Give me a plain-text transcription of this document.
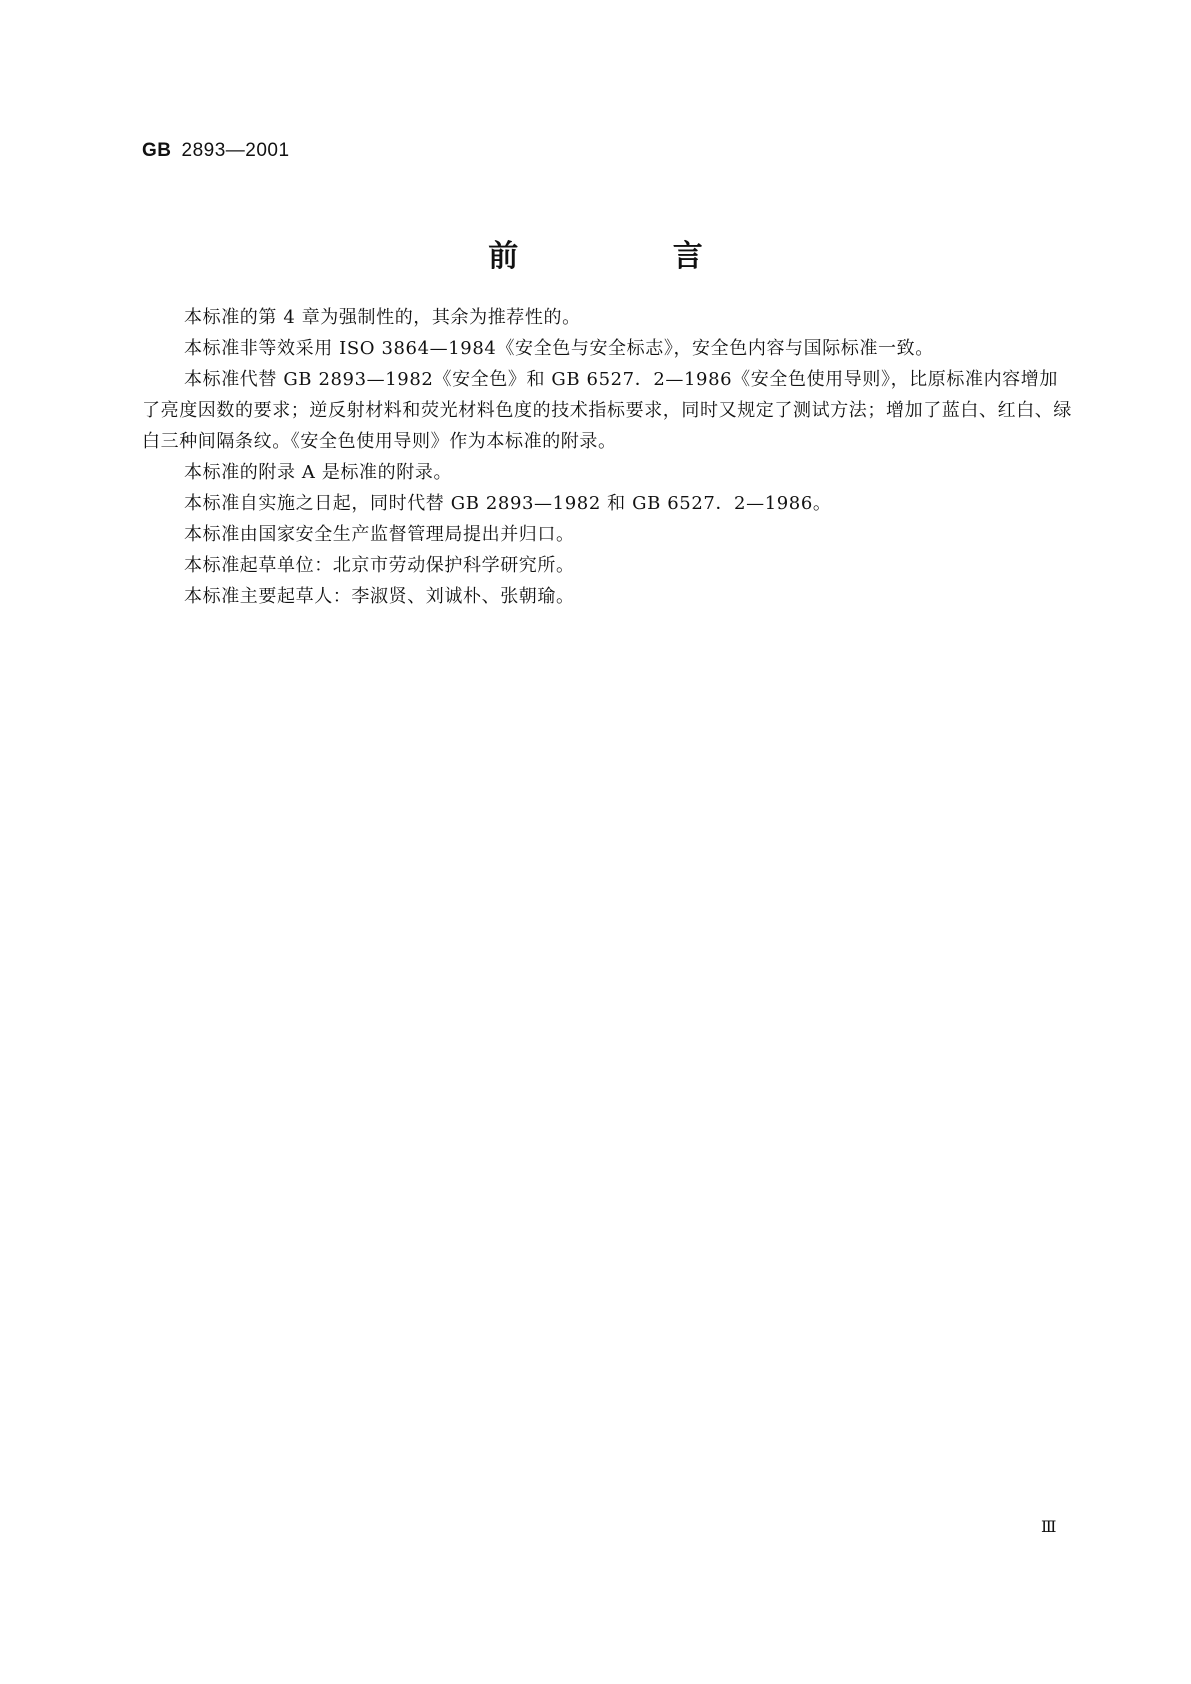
GB 2893—2001
前 言

本标准的第 4 章为强制性的，其余为推荐性的。

本标准非等效采用 ISO 3864—1984《安全色与安全标志》，安全色内容与国际标准一致。

本标准代替 GB 2893—1982《安全色》和 GB 6527．2—1986《安全色使用导则》，比原标准内容增加了亮度因数的要求；逆反射材料和荧光材料色度的技术指标要求，同时又规定了测试方法；增加了蓝白、红白、绿白三种间隔条纹。《安全色使用导则》作为本标准的附录。

本标准的附录 A 是标准的附录。

本标准自实施之日起，同时代替 GB 2893—1982 和 GB 6527．2—1986。

本标准由国家安全生产监督管理局提出并归口。

本标准起草单位：北京市劳动保护科学研究所。

本标准主要起草人：李淑贤、刘诚朴、张朝瑜。

Ⅲ
